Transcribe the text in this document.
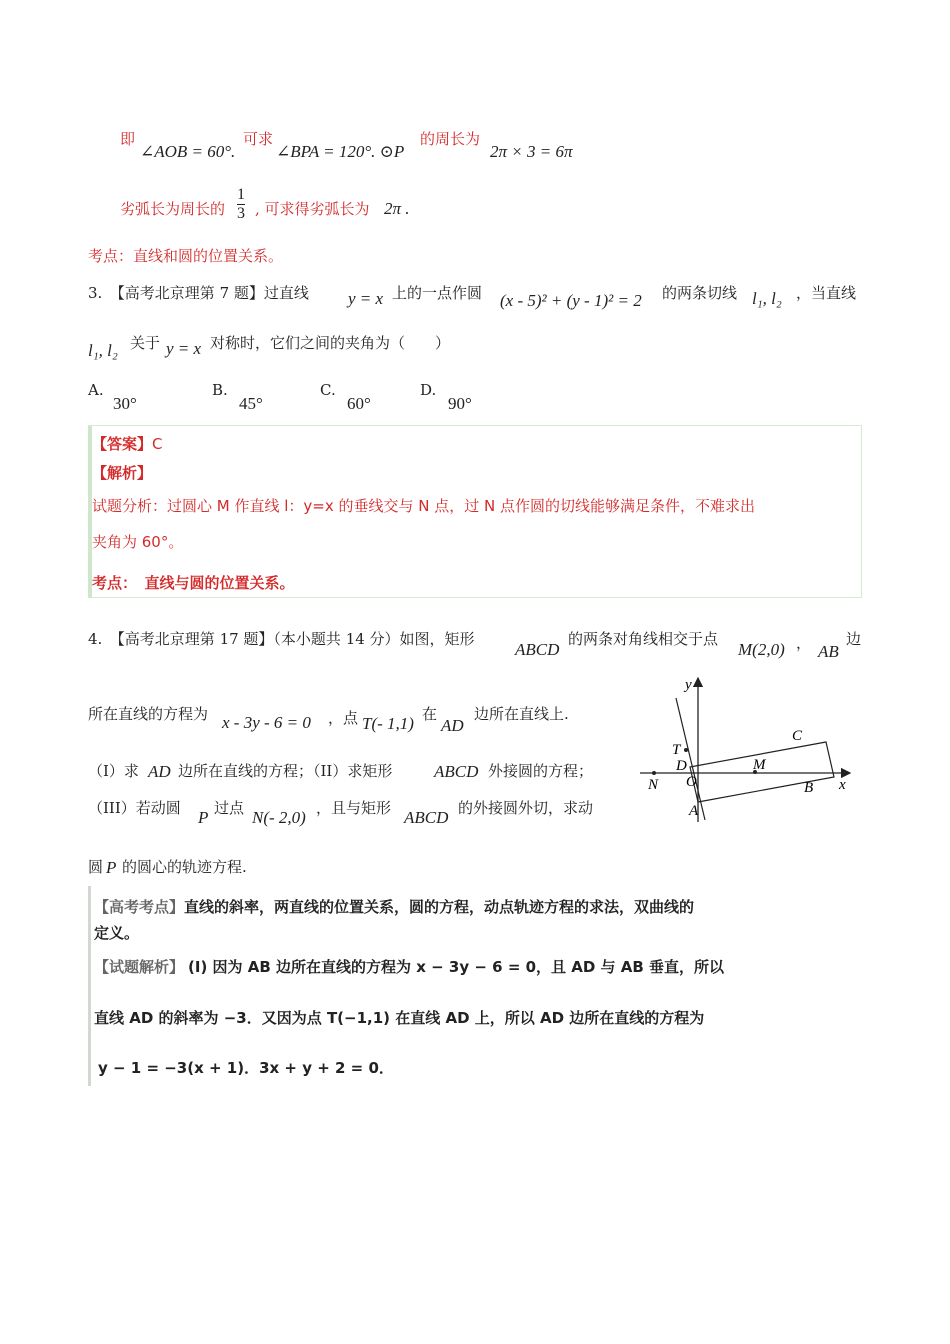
即
∠AOB = 60°.
可求
∠BPA = 120°. ⊙P
的周长为
2π × 3 = 6π
劣弧长为周长的 $\frac{1}{3}$ , 可求得劣弧长为 2π .
考点：直线和圆的位置关系。
3.　【高考北京理第 7 题】过直线 y = x 上的一点作圆 (x - 5)² + (y - 1)² = 2 的两条切线 l₁, l₂ ，当直线
l₁, l₂ 关于 y = x 对称时，它们之间的夹角为（　　）
A.
30°
B.
45°
C.
60°
D.
90°
【答案】C
【解析】
试题分析：过圆心 M 作直线 l：y=x 的垂线交与 N 点，过 N 点作圆的切线能够满足条件，不难求出
夹角为 60°。
考点：　直线与圆的位置关系。
4.　【高考北京理第 17 题】（本小题共 14 分）如图，矩形
ABCD
的两条对角线相交于点
M(2,0) ， AB
边
所在直线的方程为 x - 3y - 6 = 0 ，点 T(- 1,1) 在
AD
边所在直线上.
（I）求 AD 边所在直线的方程；（II）求矩形 ABCD 外接圆的方程；
（III）若动圆 P 过点 N(- 2,0) ，且与矩形 ABCD 的外接圆外切，求动
圆 P 的圆心的轨迹方程.
y
x
T
D
C
M
N O	B
A
【高考考点】直线的斜率，两直线的位置关系，圆的方程，动点轨迹方程的求法，双曲线的
定义。
【试题解析】 (I) 因为 AB 边所在直线的方程为 x − 3y − 6 = 0，且 AD 与 AB 垂直，所以
直线 AD 的斜率为 −3．又因为点 T(−1,1) 在直线 AD 上，所以 AD 边所在直线的方程为
y − 1 = −3(x + 1)．3x + y + 2 = 0．
